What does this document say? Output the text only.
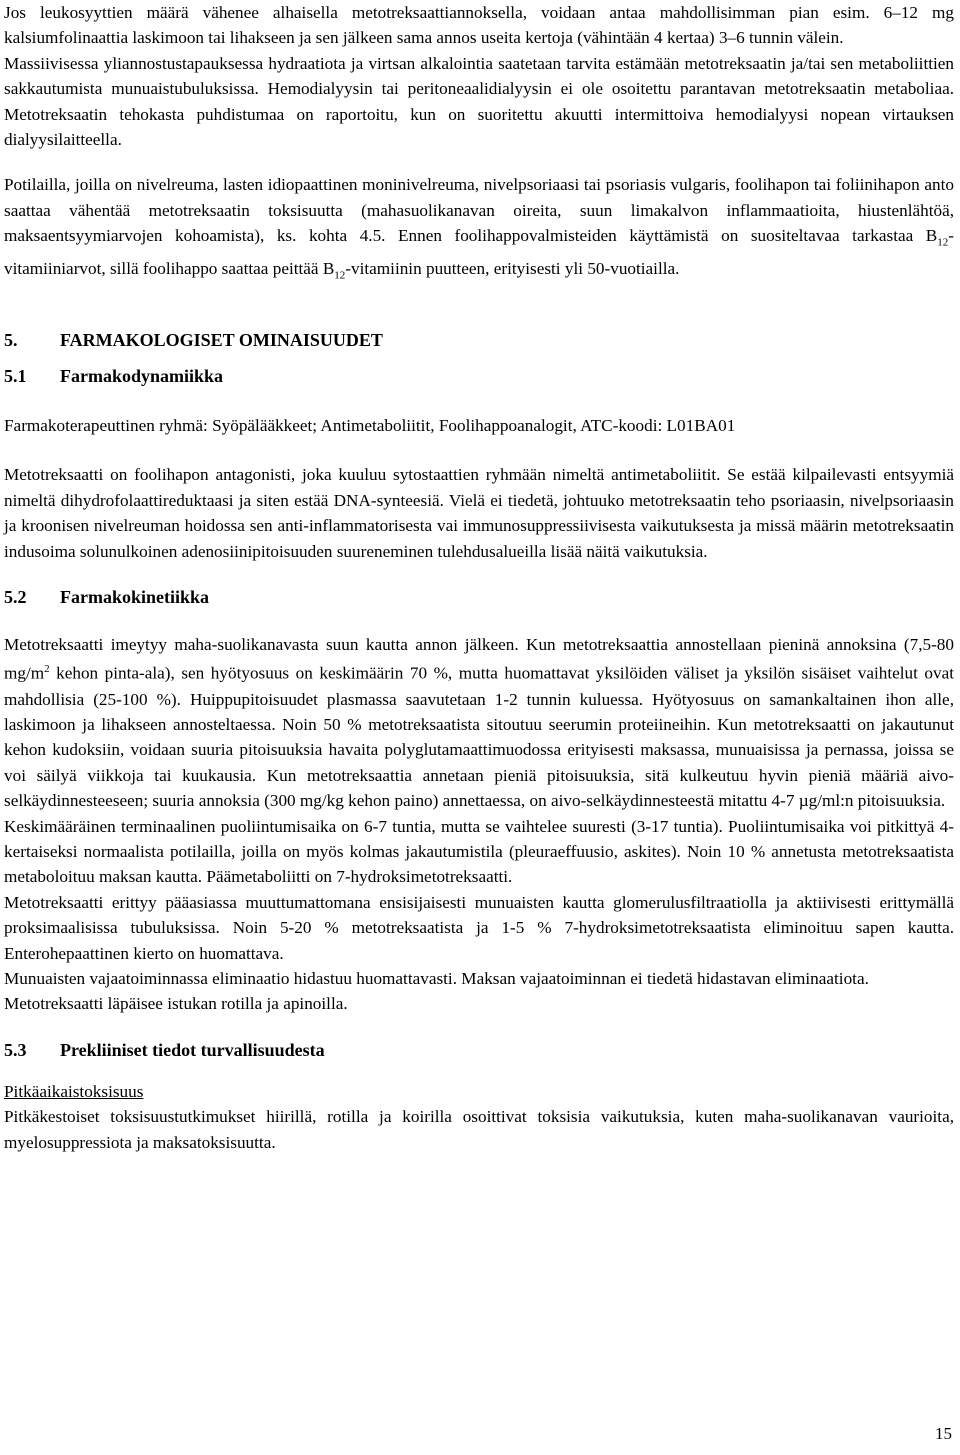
Jos leukosyyttien määrä vähenee alhaisella metotreksaattiannoksella, voidaan antaa mahdollisimman pian esim. 6–12 mg kalsiumfolinaattia laskimoon tai lihakseen ja sen jälkeen sama annos useita kertoja (vähintään 4 kertaa) 3–6 tunnin välein.

Massiivisessa yliannostustapauksessa hydraatiota ja virtsan alkalointia saatetaan tarvita estämään metotreksaatin ja/tai sen metaboliittien sakkautumista munuaistubuluksissa. Hemodialyysin tai peritoneaalidialyysin ei ole osoitettu parantavan metotreksaatin metaboliaa. Metotreksaatin tehokasta puhdistumaa on raportoitu, kun on suoritettu akuutti intermittoiva hemodialyysi nopean virtauksen dialyysilaitteella.

Potilailla, joilla on nivelreuma, lasten idiopaattinen moninivelreuma, nivelpsoriaasi tai psoriasis vulgaris, foolihapon tai foliinihapon anto saattaa vähentää metotreksaatin toksisuutta (mahasuolikanavan oireita, suun limakalvon inflammaatioita, hiustenlähtöä, maksaentsyymiarvojen kohoamista), ks. kohta 4.5. Ennen foolihappovalmisteiden käyttämistä on suositeltavaa tarkastaa $B_{12}$-vitamiiniarvot, sillä foolihappo saattaa peittää $B_{12}$-vitamiinin puutteen, erityisesti yli 50-vuotiailla.

5. FARMAKOLOGISET OMINAISUUDET
5.1 Farmakodynamiikka

Farmakoterapeuttinen ryhmä: Syöpälääkkeet; Antimetaboliitit, Foolihappoanalogit, ATC-koodi: L01BA01

Metotreksaatti on foolihapon antagonisti, joka kuuluu sytostaattien ryhmään nimeltä antimetaboliitit. Se estää kilpailevasti entsyymiä nimeltä dihydrofolaattireduktaasi ja siten estää DNA-synteesiä. Vielä ei tiedetä, johtuuko metotreksaatin teho psoriaasin, nivelpsoriaasin ja kroonisen nivelreuman hoidossa sen anti-inflammatorisesta vai immunosuppressiivisesta vaikutuksesta ja missä määrin metotreksaatin indusoima solunulkoinen adenosiinipitoisuuden suureneminen tulehdusalueilla lisää näitä vaikutuksia.

5.2 Farmakokinetiikka

Metotreksaatti imeytyy maha-suolikanavasta suun kautta annon jälkeen. Kun metotreksaattia annostellaan pieninä annoksina (7,5-80 $mg/m^2$ kehon pinta-ala), sen hyötyosuus on keskimäärin 70 %, mutta huomattavat yksilöiden väliset ja yksilön sisäiset vaihtelut ovat mahdollisia (25-100 %). Huippupitoisuudet plasmassa saavutetaan 1-2 tunnin kuluessa. Hyötyosuus on samankaltainen ihon alle, laskimoon ja lihakseen annosteltaessa. Noin 50 % metotreksaatista sitoutuu seerumin proteiineihin. Kun metotreksaatti on jakautunut kehon kudoksiin, voidaan suuria pitoisuuksia havaita polyglutamaattimuodossa erityisesti maksassa, munuaisissa ja pernassa, joissa se voi säilyä viikkoja tai kuukausia. Kun metotreksaattia annetaan pieniä pitoisuuksia, sitä kulkeutuu hyvin pieniä määriä aivo-selkäydinnesteeseen; suuria annoksia (300 mg/kg kehon paino) annettaessa, on aivo-selkäydinnesteestä mitattu 4-7 µg/ml:n pitoisuuksia.

Keskimääräinen terminaalinen puoliintumisaika on 6-7 tuntia, mutta se vaihtelee suuresti (3-17 tuntia). Puoliintumisaika voi pitkittyä 4-kertaiseksi normaalista potilailla, joilla on myös kolmas jakautumistila (pleuraeffuusio, askites). Noin 10 % annetusta metotreksaatista metaboloituu maksan kautta. Päämetaboliitti on 7-hydroksimetotreksaatti.

Metotreksaatti erittyy pääasiassa muuttumattomana ensisijaisesti munuaisten kautta glomerulusfiltraatiolla ja aktiivisesti erittymällä proksimaalisissa tubuluksissa. Noin 5-20 % metotreksaatista ja 1-5 % 7-hydroksimetotreksaatista eliminoituu sapen kautta. Enterohepaattinen kierto on huomattava.

Munuaisten vajaatoiminnassa eliminaatio hidastuu huomattavasti. Maksan vajaatoiminnan ei tiedetä hidastavan eliminaatiota.

Metotreksaatti läpäisee istukan rotilla ja apinoilla.

5.3 Prekliiniset tiedot turvallisuudesta

Pitkäaikaistoksisuus

Pitkäkestoiset toksisuustutkimukset hiirillä, rotilla ja koirilla osoittivat toksisia vaikutuksia, kuten maha-suolikanavan vaurioita, myelosuppressiota ja maksatoksisuutta.

15
